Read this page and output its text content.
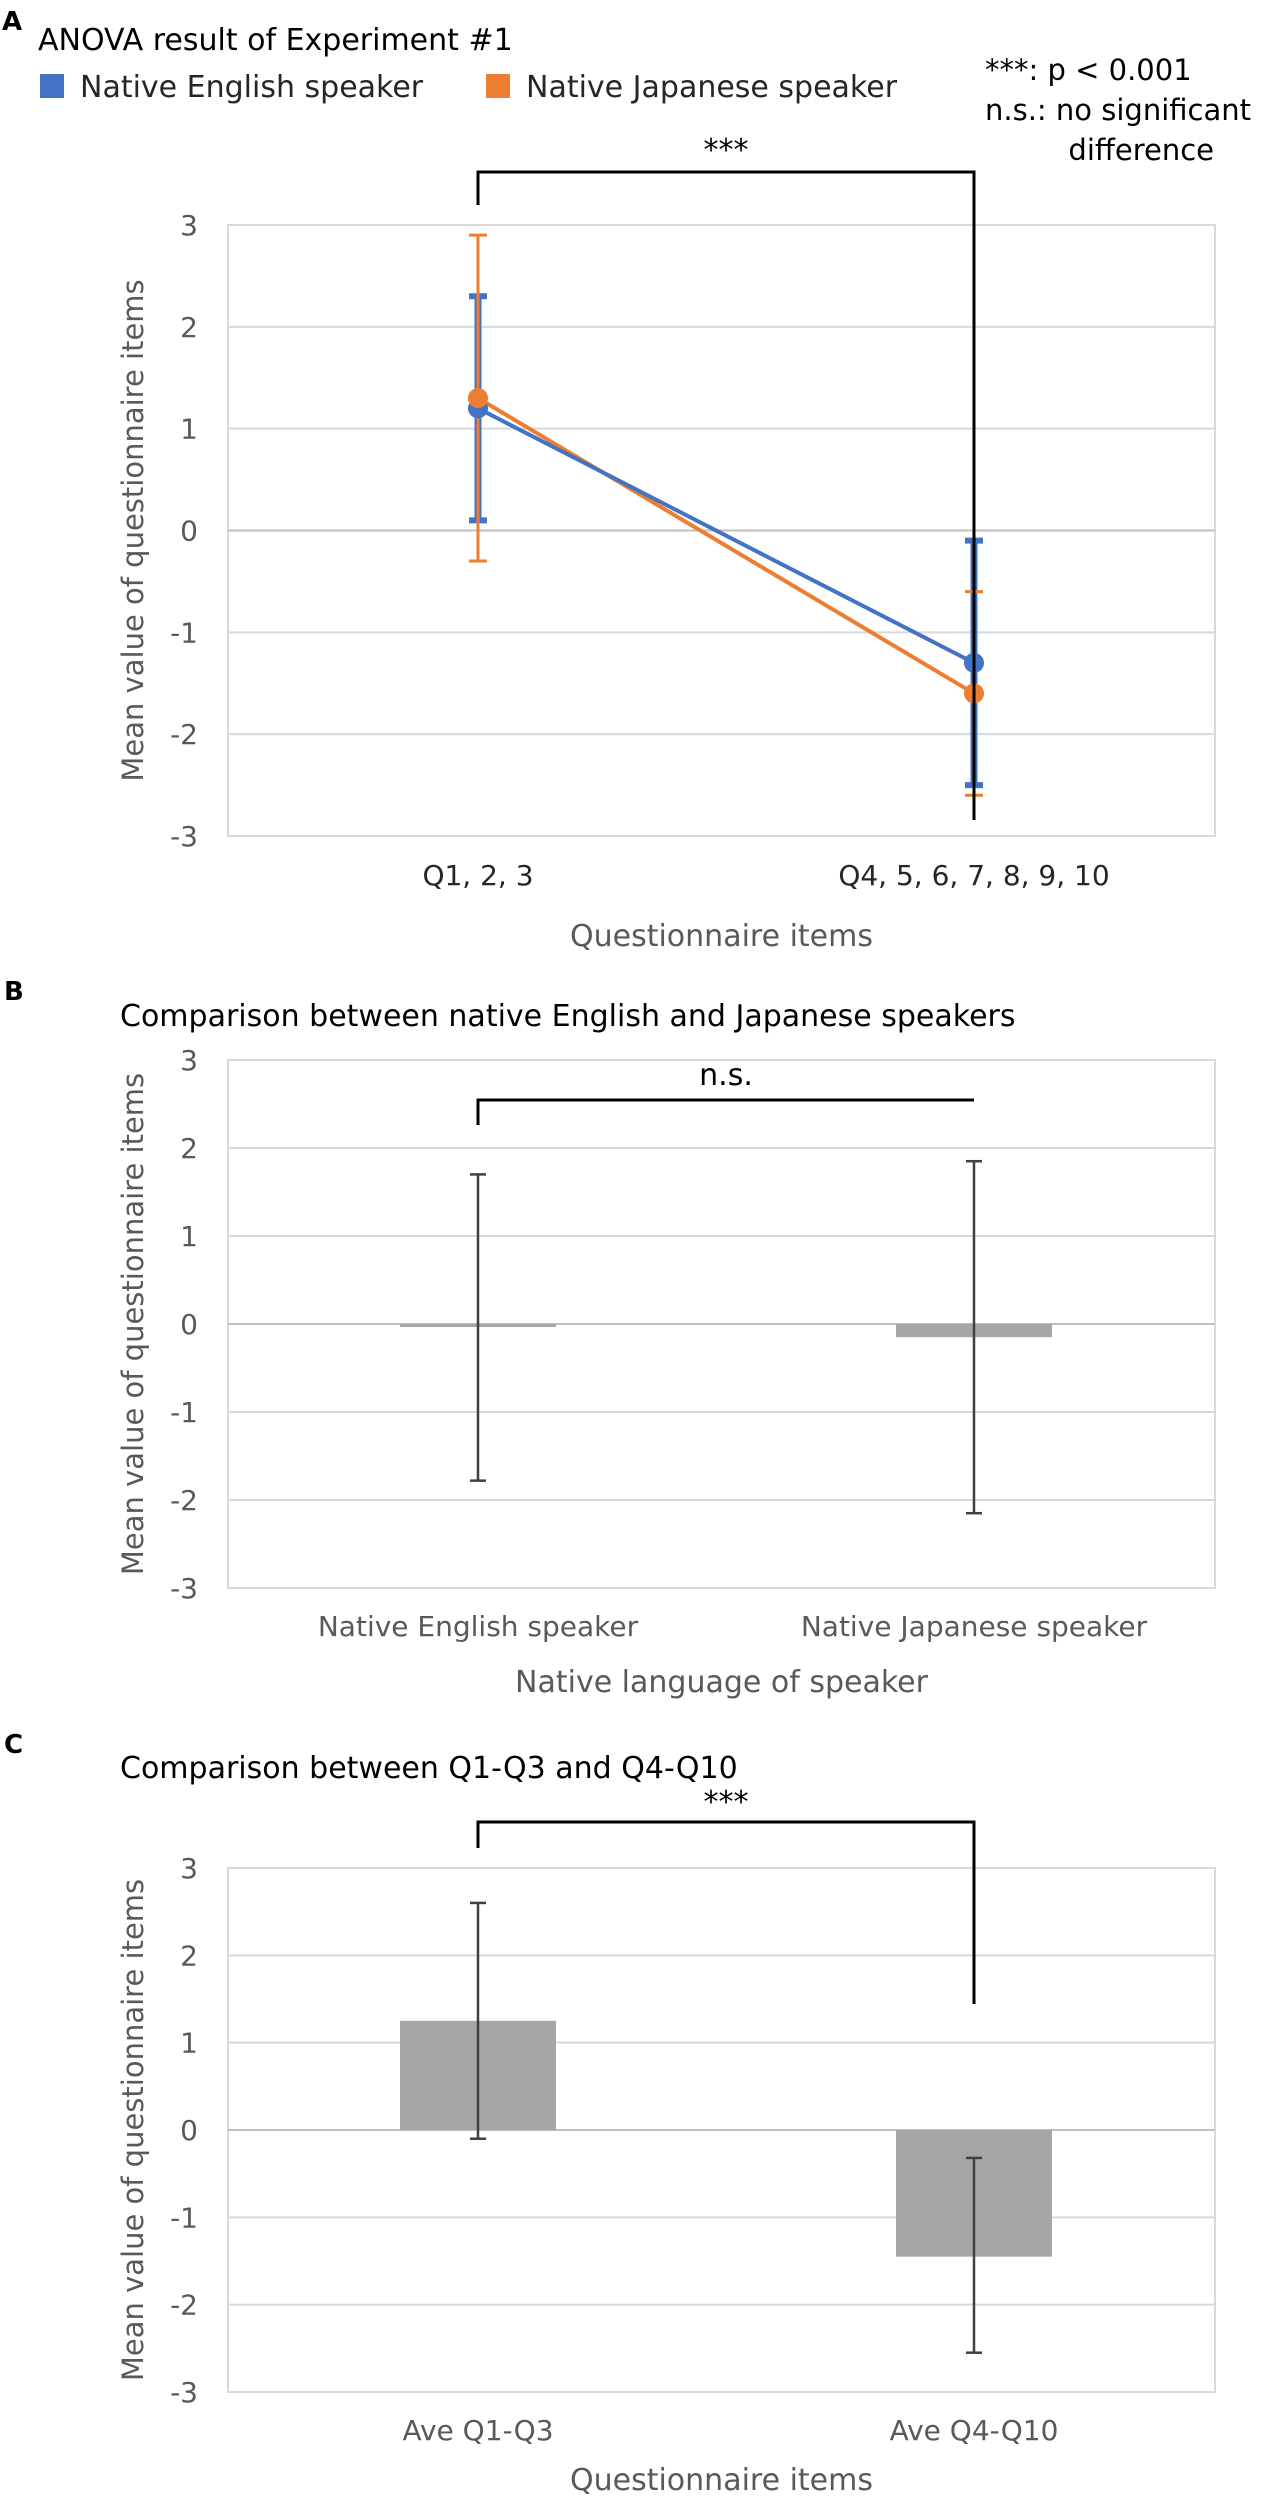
A
ANOVA result of Experiment #1
3
2
1
0
-1
-2
-3
Mean value of questionnaire items
Questionnaire items
Q1, 2, 3	Q4, 5, 6, 7, 8, 9, 10
Native English speaker	Native Japanese speaker	***: p < 0.001
n.s.: no significant
difference
***
B
Comparison between native English and Japanese speakers
3
2
1
0
-1
-2
-3
Mean value of questionnaire items
Native language of speaker
Native English speaker	Native Japanese speaker
n.s.
C
Comparison between Q1-Q3 and Q4-Q10
3
2
1
0
-1
-2
-3
Mean value of questionnaire items
Questionnaire items
Ave Q1-Q3	Ave Q4-Q10
***
